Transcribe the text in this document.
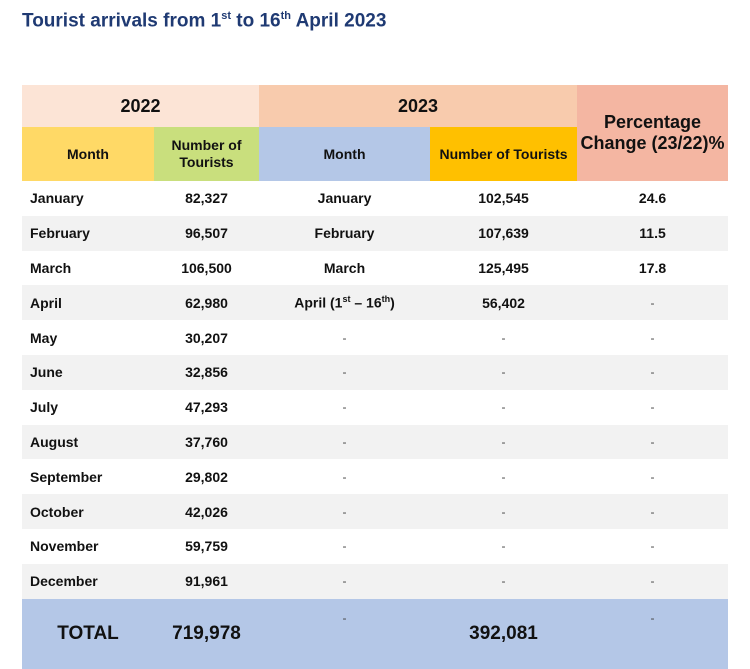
Tourist arrivals from 1st to 16th April 2023
2022		2023		Percentage Change (23/22)%
Month	Number of Tourists	Month	Number of Tourists	
January	82,327	January	102,545	24.6
February	96,507	February	107,639	11.5
March	106,500	March	125,495	17.8
April	62,980	April (1st – 16th)	56,402	-
May	30,207	-	-	-
June	32,856	-	-	-
July	47,293	-	-	-
August	37,760	-	-	-
September	29,802	-	-	-
October	42,026	-	-	-
November	59,759	-	-	-
December	91,961	-	-	-
TOTAL	719,978	-	392,081	-
